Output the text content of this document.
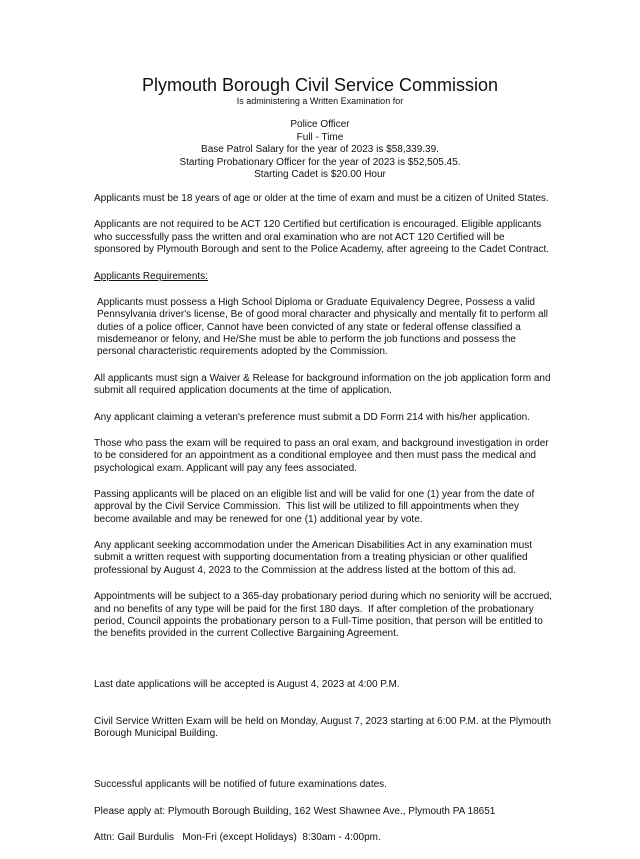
Plymouth Borough Civil Service Commission
Is administering a Written Examination for
Police Officer
Full - Time
Base Patrol Salary for the year of 2023 is $58,339.39.
Starting Probationary Officer for the year of 2023 is $52,505.45.
Starting Cadet is $20.00 Hour

Applicants must be 18 years of age or older at the time of exam and must be a citizen of United States.

Applicants are not required to be ACT 120 Certified but certification is encouraged. Eligible applicants who successfully pass the written and oral examination who are not ACT 120 Certified will be sponsored by Plymouth Borough and sent to the Police Academy, after agreeing to the Cadet Contract.

Applicants Requirements:

Applicants must possess a High School Diploma or Graduate Equivalency Degree, Possess a valid Pennsylvania driver's license, Be of good moral character and physically and mentally fit to perform all duties of a police officer, Cannot have been convicted of any state or federal offense classified a misdemeanor or felony, and He/She must be able to perform the job functions and possess the personal characteristic requirements adopted by the Commission.

All applicants must sign a Waiver & Release for background information on the job application form and submit all required application documents at the time of application.

Any applicant claiming a veteran's preference must submit a DD Form 214 with his/her application.

Those who pass the exam will be required to pass an oral exam, and background investigation in order to be considered for an appointment as a conditional employee and then must pass the medical and psychological exam. Applicant will pay any fees associated.

Passing applicants will be placed on an eligible list and will be valid for one (1) year from the date of approval by the Civil Service Commission.  This list will be utilized to fill appointments when they become available and may be renewed for one (1) additional year by vote.

Any applicant seeking accommodation under the American Disabilities Act in any examination must submit a written request with supporting documentation from a treating physician or other qualified professional by August 4, 2023 to the Commission at the address listed at the bottom of this ad.

Appointments will be subject to a 365-day probationary period during which no seniority will be accrued, and no benefits of any type will be paid for the first 180 days.  If after completion of the probationary period, Council appoints the probationary person to a Full-Time position, that person will be entitled to the benefits provided in the current Collective Bargaining Agreement.

Last date applications will be accepted is August 4, 2023 at 4:00 P.M.

Civil Service Written Exam will be held on Monday, August 7, 2023 starting at 6:00 P.M. at the Plymouth Borough Municipal Building.

Successful applicants will be notified of future examinations dates.

Please apply at: Plymouth Borough Building, 162 West Shawnee Ave., Plymouth PA 18651

Attn: Gail Burdulis   Mon-Fri (except Holidays)  8:30am - 4:00pm.
